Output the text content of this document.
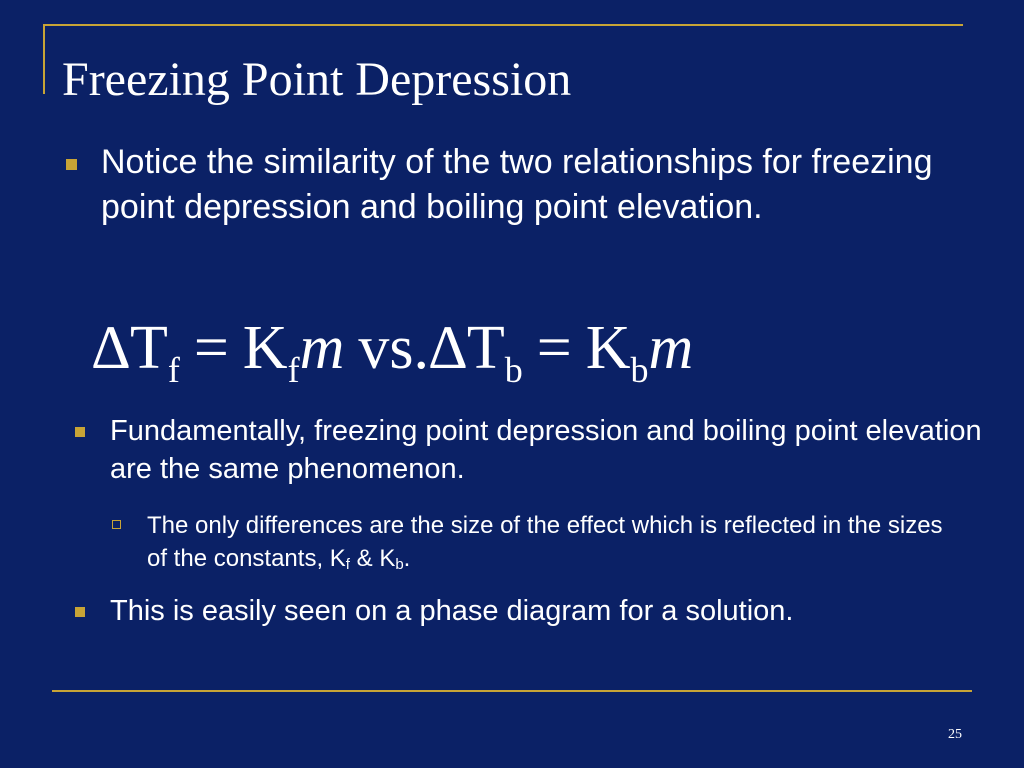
Freezing Point Depression
Notice the similarity of the two relationships for freezing point depression and boiling point elevation.
$\Delta T_f = K_fm$ $vs.\Delta T_b = K_bm$
Fundamentally, freezing point depression and boiling point elevation are the same phenomenon.
The only differences are the size of the effect which is reflected in the sizes of the constants, $K_f$ & $K_b$.
This is easily seen on a phase diagram for a solution.
25
